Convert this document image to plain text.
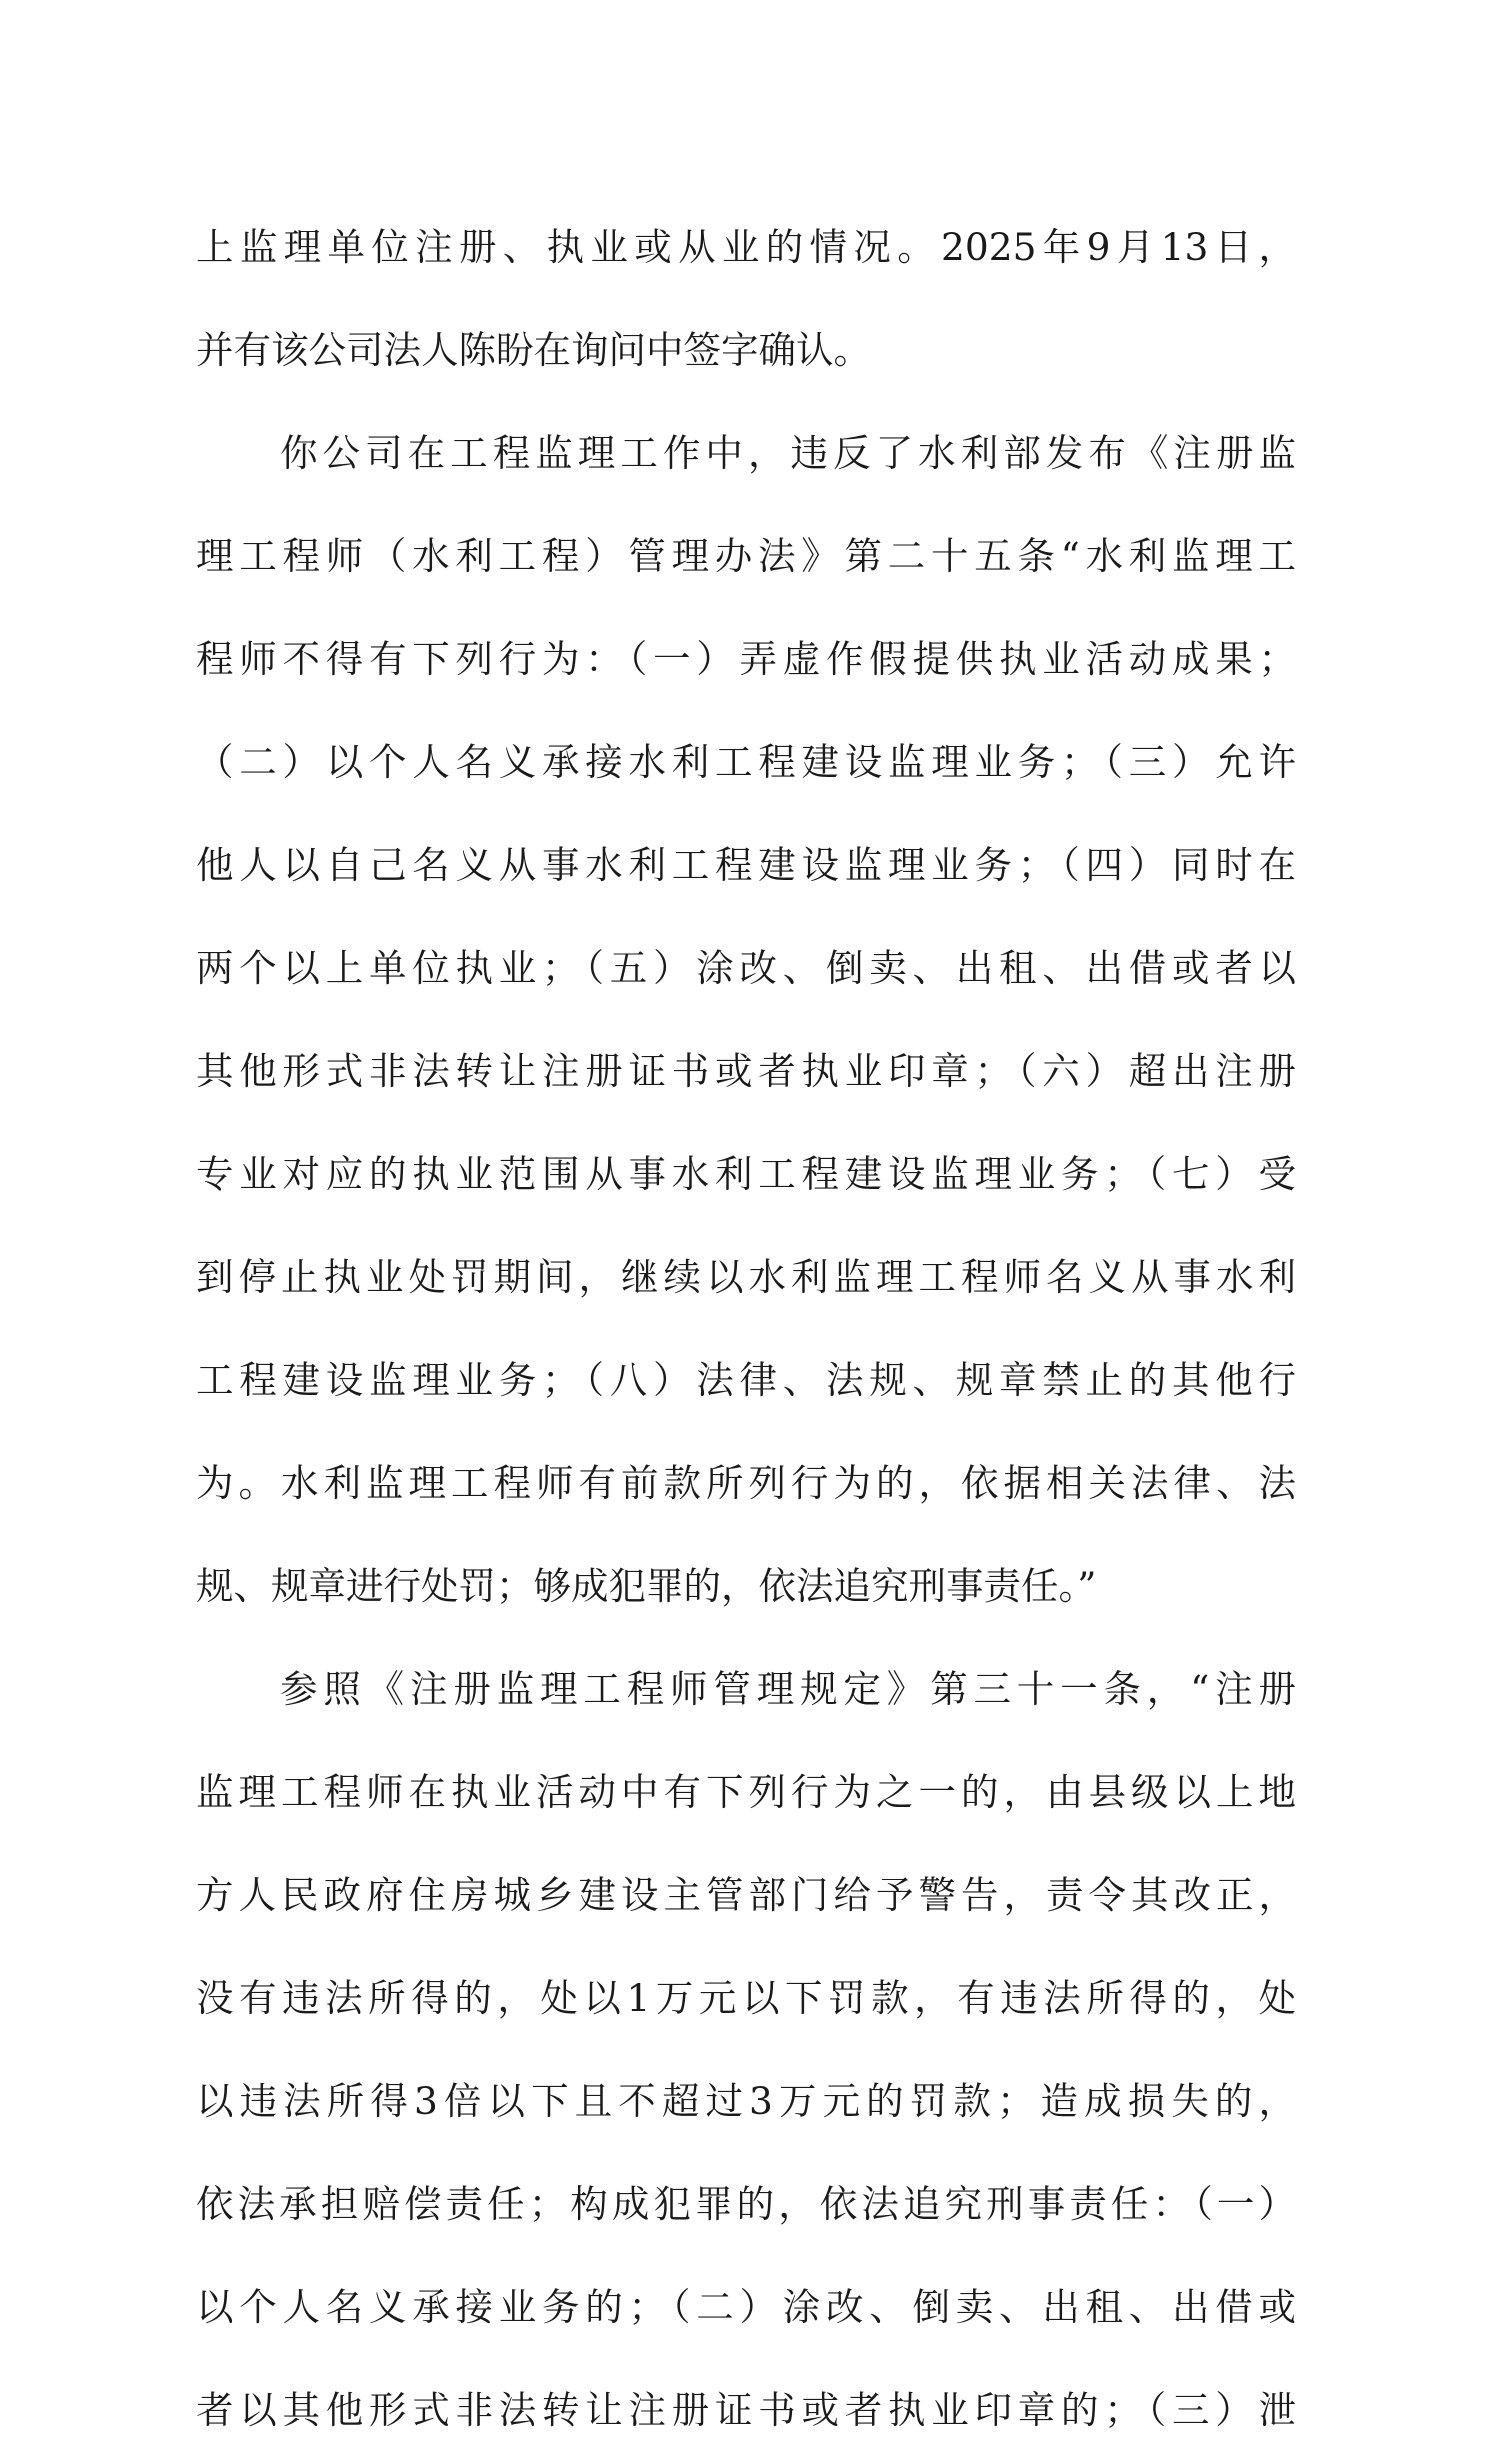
上监理单位注册、执业或从业的情况。2025年9月13日，
并有该公司法人陈盼在询问中签字确认。
你公司在工程监理工作中，违反了水利部发布《注册监
理工程师（水利工程）管理办法》第二十五条“水利监理工
程师不得有下列行为：（一）弄虚作假提供执业活动成果；
（二）以个人名义承接水利工程建设监理业务；（三）允许
他人以自己名义从事水利工程建设监理业务；（四）同时在
两个以上单位执业；（五）涂改、倒卖、出租、出借或者以
其他形式非法转让注册证书或者执业印章；（六）超出注册
专业对应的执业范围从事水利工程建设监理业务；（七）受
到停止执业处罚期间，继续以水利监理工程师名义从事水利
工程建设监理业务；（八）法律、法规、规章禁止的其他行
为。水利监理工程师有前款所列行为的，依据相关法律、法
规、规章进行处罚；够成犯罪的，依法追究刑事责任。”
参照《注册监理工程师管理规定》第三十一条，“注册
监理工程师在执业活动中有下列行为之一的，由县级以上地
方人民政府住房城乡建设主管部门给予警告，责令其改正，
没有违法所得的，处以1万元以下罚款，有违法所得的，处
以违法所得3倍以下且不超过3万元的罚款；造成损失的，
依法承担赔偿责任；构成犯罪的，依法追究刑事责任：（一）
以个人名义承接业务的；（二）涂改、倒卖、出租、出借或
者以其他形式非法转让注册证书或者执业印章的；（三）泄
